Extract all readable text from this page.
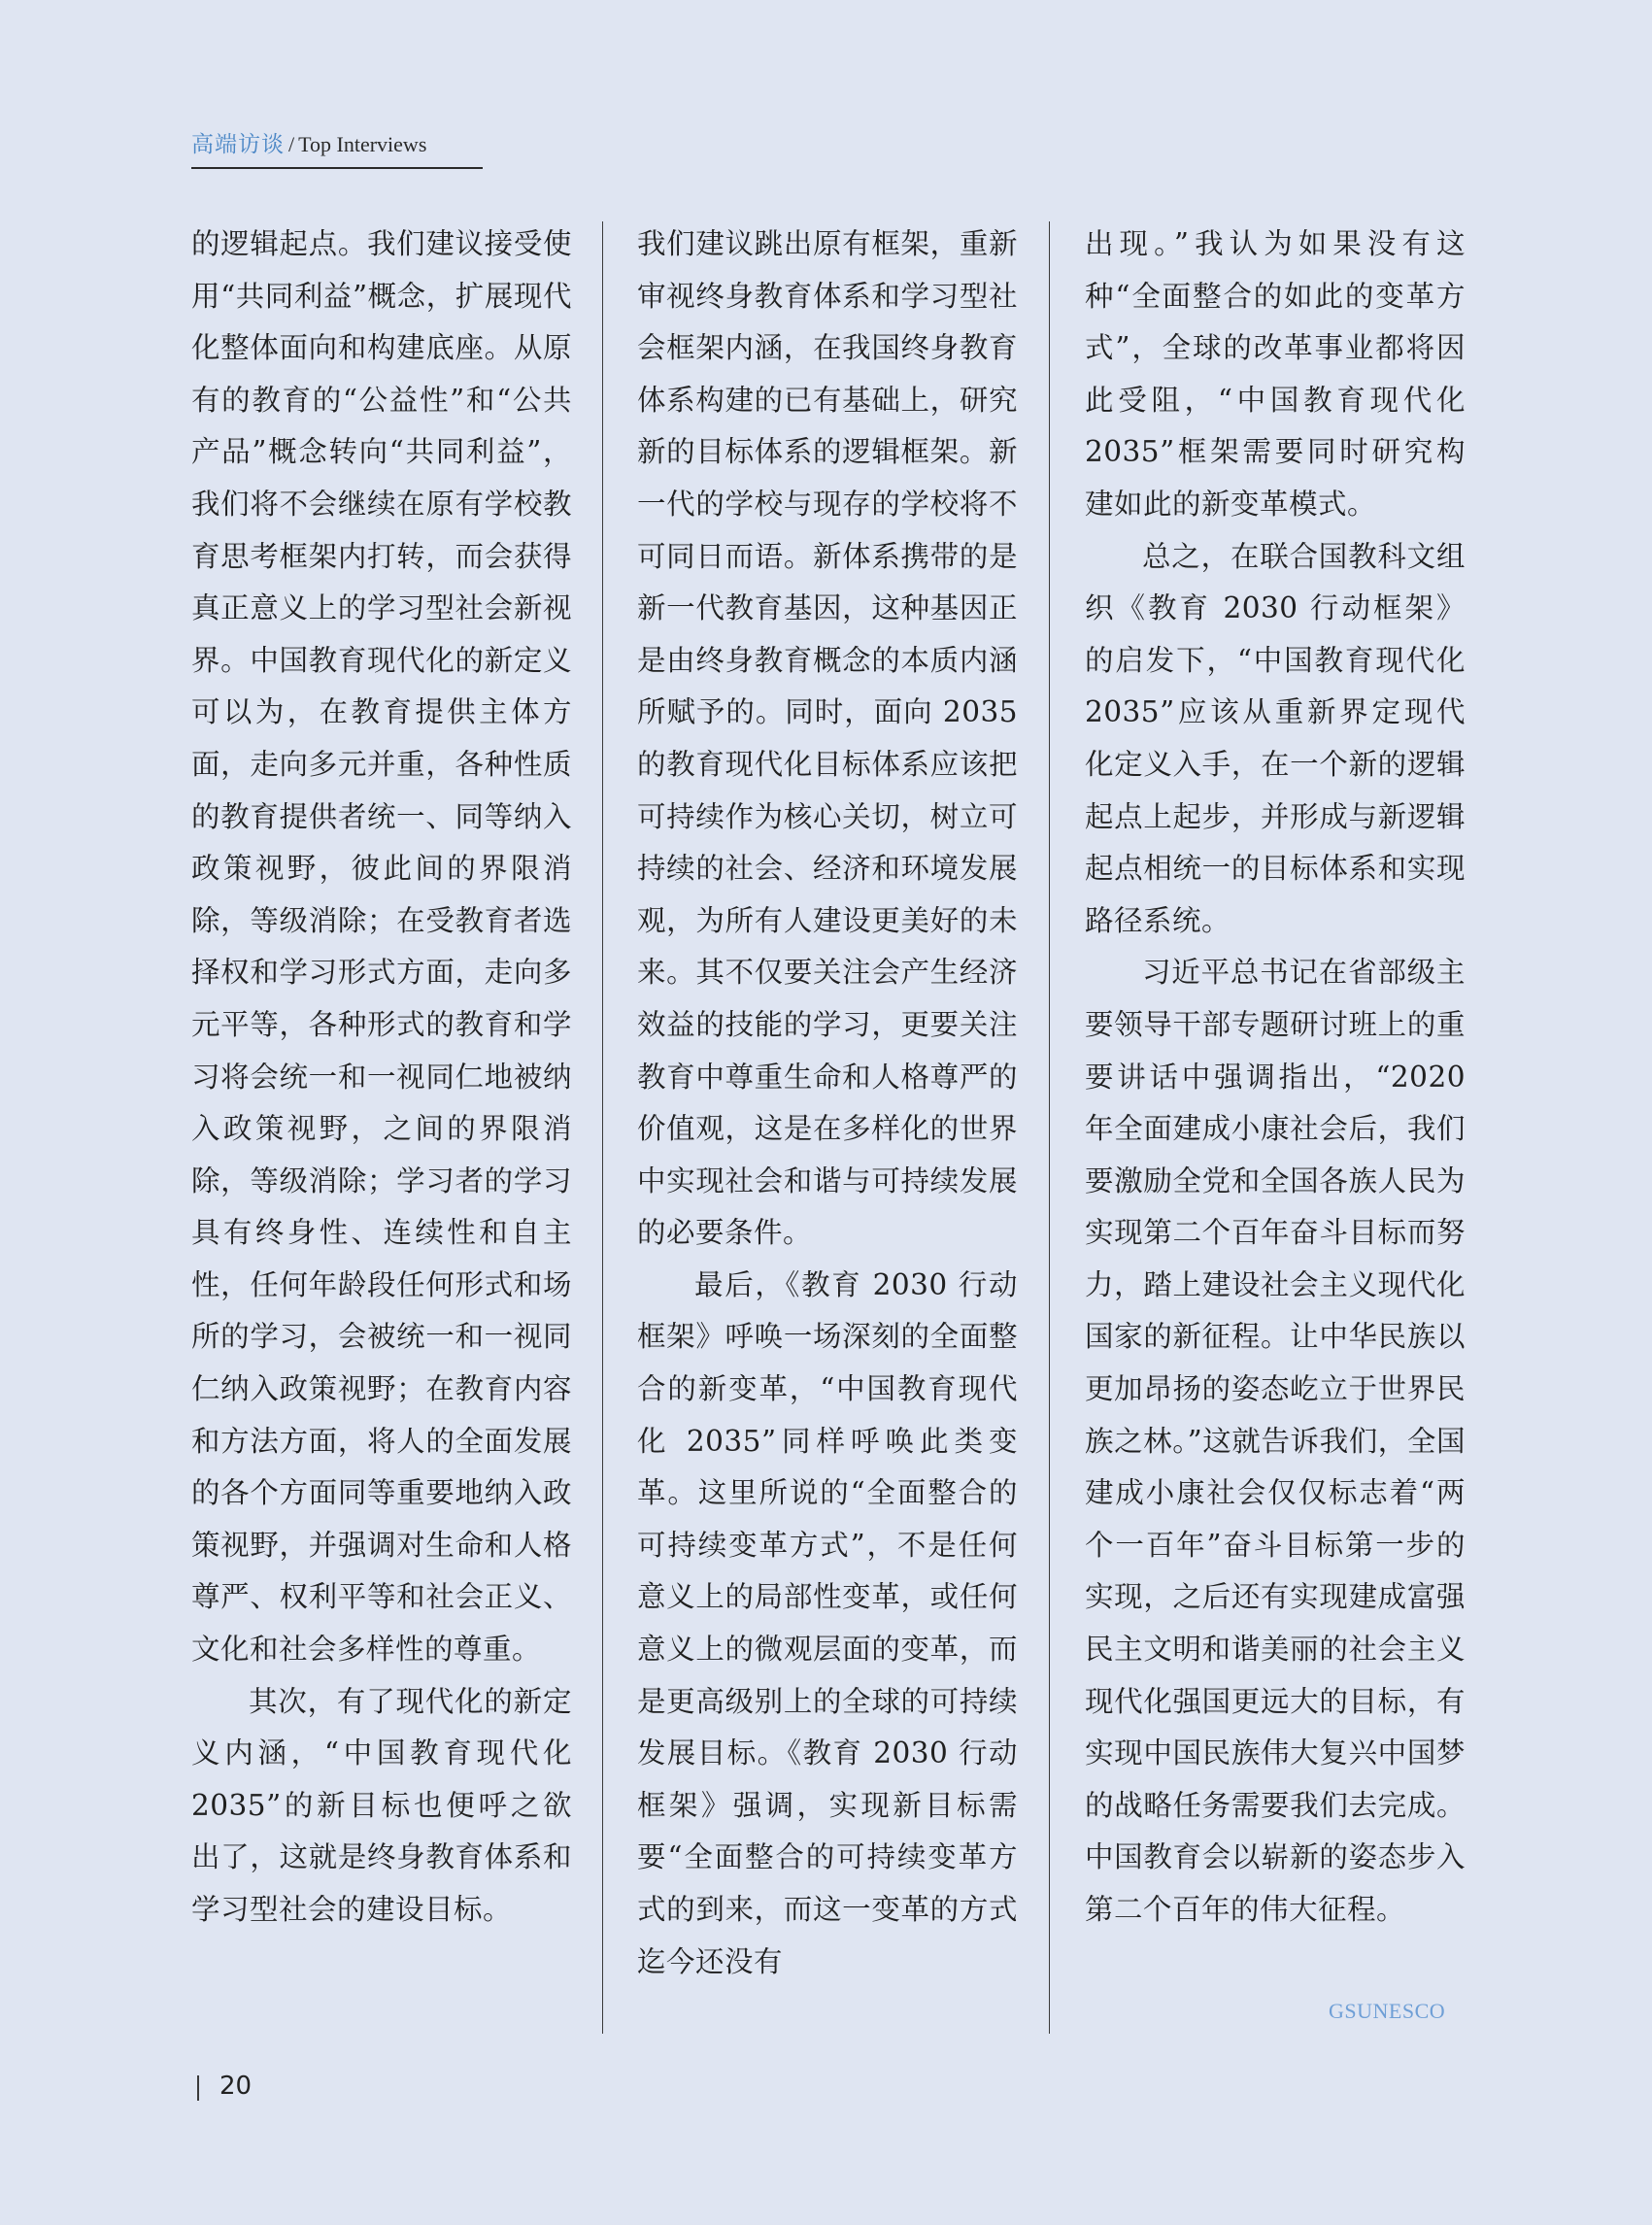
高端访谈 / Top Interviews

的逻辑起点。我们建议接受使用“共同利益”概念，扩展现代化整体面向和构建底座。从原有的教育的“公益性”和“公共产品”概念转向“共同利益”，我们将不会继续在原有学校教育思考框架内打转，而会获得真正意义上的学习型社会新视界。中国教育现代化的新定义可以为，在教育提供主体方面，走向多元并重，各种性质的教育提供者统一、同等纳入政策视野，彼此间的界限消除，等级消除；在受教育者选择权和学习形式方面，走向多元平等，各种形式的教育和学习将会统一和一视同仁地被纳入政策视野，之间的界限消除，等级消除；学习者的学习具有终身性、连续性和自主性，任何年龄段任何形式和场所的学习，会被统一和一视同仁纳入政策视野；在教育内容和方法方面，将人的全面发展的各个方面同等重要地纳入政策视野，并强调对生命和人格尊严、权利平等和社会正义、文化和社会多样性的尊重。

其次，有了现代化的新定义内涵，“中国教育现代化 2035”的新目标也便呼之欲出了，这就是终身教育体系和学习型社会的建设目标。

我们建议跳出原有框架，重新审视终身教育体系和学习型社会框架内涵，在我国终身教育体系构建的已有基础上，研究新的目标体系的逻辑框架。新一代的学校与现存的学校将不可同日而语。新体系携带的是新一代教育基因，这种基因正是由终身教育概念的本质内涵所赋予的。同时，面向 2035 的教育现代化目标体系应该把可持续作为核心关切，树立可持续的社会、经济和环境发展观，为所有人建设更美好的未来。其不仅要关注会产生经济效益的技能的学习，更要关注教育中尊重生命和人格尊严的价值观，这是在多样化的世界中实现社会和谐与可持续发展的必要条件。

最后，《教育 2030 行动框架》呼唤一场深刻的全面整合的新变革，“中国教育现代化 2035”同样呼唤此类变革。这里所说的“全面整合的可持续变革方式”，不是任何意义上的局部性变革，或任何意义上的微观层面的变革，而是更高级别上的全球的可持续发展目标。《教育 2030 行动框架》强调，实现新目标需要“全面整合的可持续变革方式的到来，而这一变革的方式迄今还没有

出现。”我认为如果没有这种“全面整合的如此的变革方式”，全球的改革事业都将因此受阻，“中国教育现代化 2035”框架需要同时研究构建如此的新变革模式。

总之，在联合国教科文组织《教育 2030 行动框架》的启发下，“中国教育现代化 2035”应该从重新界定现代化定义入手，在一个新的逻辑起点上起步，并形成与新逻辑起点相统一的目标体系和实现路径系统。

习近平总书记在省部级主要领导干部专题研讨班上的重要讲话中强调指出，“2020 年全面建成小康社会后，我们要激励全党和全国各族人民为实现第二个百年奋斗目标而努力，踏上建设社会主义现代化国家的新征程。让中华民族以更加昂扬的姿态屹立于世界民族之林。”这就告诉我们，全国建成小康社会仅仅标志着“两个一百年”奋斗目标第一步的实现，之后还有实现建成富强民主文明和谐美丽的社会主义现代化强国更远大的目标，有实现中国民族伟大复兴中国梦的战略任务需要我们去完成。中国教育会以崭新的姿态步入第二个百年的伟大征程。

GSUNESCO
20
